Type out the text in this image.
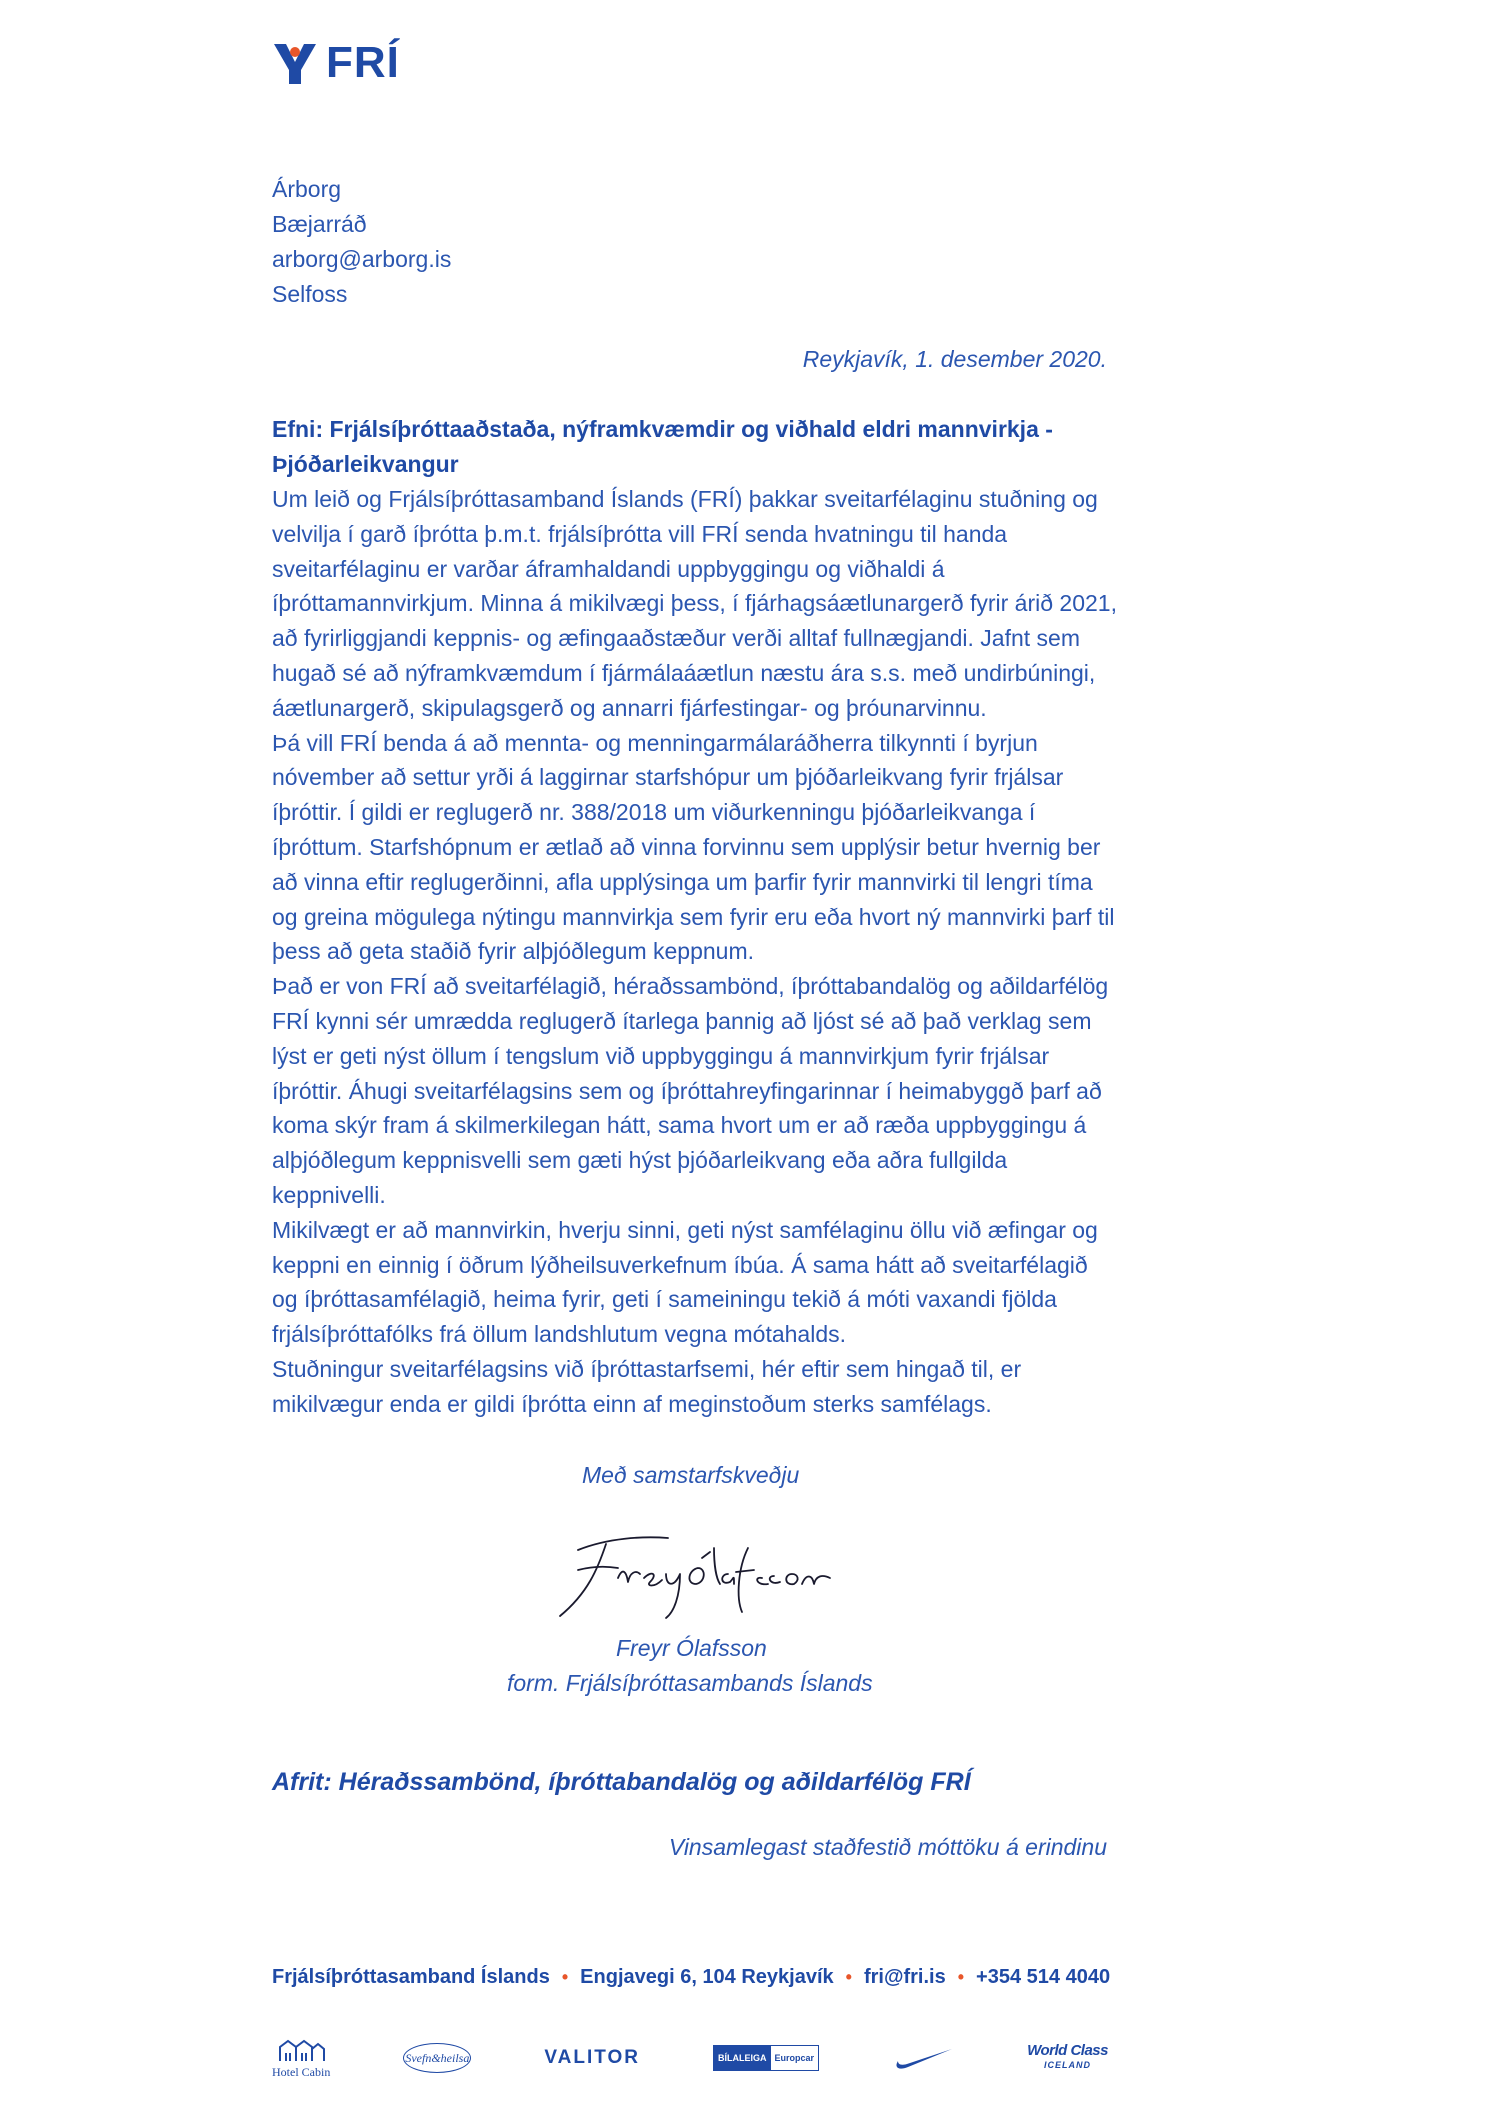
FRÍ
Árborg
Bæjarráð
arborg@arborg.is
Selfoss
Reykjavík, 1. desember 2020.
Efni: Frjálsíþróttaaðstaða, nýframkvæmdir og viðhald eldri mannvirkja - Þjóðarleikvangur

Um leið og Frjálsíþróttasamband Íslands (FRÍ) þakkar sveitarfélaginu stuðning og velvilja í garð íþrótta þ.m.t. frjálsíþrótta vill FRÍ senda hvatningu til handa sveitarfélaginu er varðar áframhaldandi uppbyggingu og viðhaldi á íþróttamannvirkjum. Minna á mikilvægi þess, í fjárhagsáætlunargerð fyrir árið 2021, að fyrirliggjandi keppnis- og æfingaaðstæður verði alltaf fullnægjandi. Jafnt sem hugað sé að nýframkvæmdum í fjármálaáætlun næstu ára s.s. með undirbúningi, áætlunargerð, skipulagsgerð og annarri fjárfestingar- og þróunarvinnu.

Þá vill FRÍ benda á að mennta- og menningarmálaráðherra tilkynnti í byrjun nóvember að settur yrði á laggirnar starfshópur um þjóðarleikvang fyrir frjálsar íþróttir. Í gildi er reglugerð nr. 388/2018 um viðurkenningu þjóðarleikvanga í íþróttum. Starfshópnum er ætlað að vinna forvinnu sem upplýsir betur hvernig ber að vinna eftir reglugerðinni, afla upplýsinga um þarfir fyrir mannvirki til lengri tíma og greina mögulega nýtingu mannvirkja sem fyrir eru eða hvort ný mannvirki þarf til þess að geta staðið fyrir alþjóðlegum keppnum.

Það er von FRÍ að sveitarfélagið, héraðssambönd, íþróttabandalög og aðildarfélög FRÍ kynni sér umrædda reglugerð ítarlega þannig að ljóst sé að það verklag sem lýst er geti nýst öllum í tengslum við uppbyggingu á mannvirkjum fyrir frjálsar íþróttir. Áhugi sveitarfélagsins sem og íþróttahreyfingarinnar í heimabyggð þarf að koma skýr fram á skilmerkilegan hátt, sama hvort um er að ræða uppbyggingu á alþjóðlegum keppnisvelli sem gæti hýst þjóðarleikvang eða aðra fullgilda keppnivelli.

Mikilvægt er að mannvirkin, hverju sinni, geti nýst samfélaginu öllu við æfingar og keppni en einnig í öðrum lýðheilsuverkefnum íbúa. Á sama hátt að sveitarfélagið og íþróttasamfélagið, heima fyrir, geti í sameiningu tekið á móti vaxandi fjölda frjálsíþróttafólks frá öllum landshlutum vegna mótahalds.

Stuðningur sveitarfélagsins við íþróttastarfsemi, hér eftir sem hingað til, er mikilvægur enda er gildi íþrótta einn af meginstoðum sterks samfélags.

Með samstarfskveðju
Freyr Ólafsson
form. Frjálsíþróttasambands Íslands
Afrit: Héraðssambönd, íþróttabandalög og aðildarfélög FRÍ
Vinsamlegast staðfestið móttöku á erindinu
Frjálsíþróttasamband Íslands • Engjavegi 6, 104 Reykjavík • fri@fri.is • +354 514 4040
Hotel Cabin
Svefn&heilsa	VALITOR	BÍLALEIGA Europcar	World Class
ICELAND
